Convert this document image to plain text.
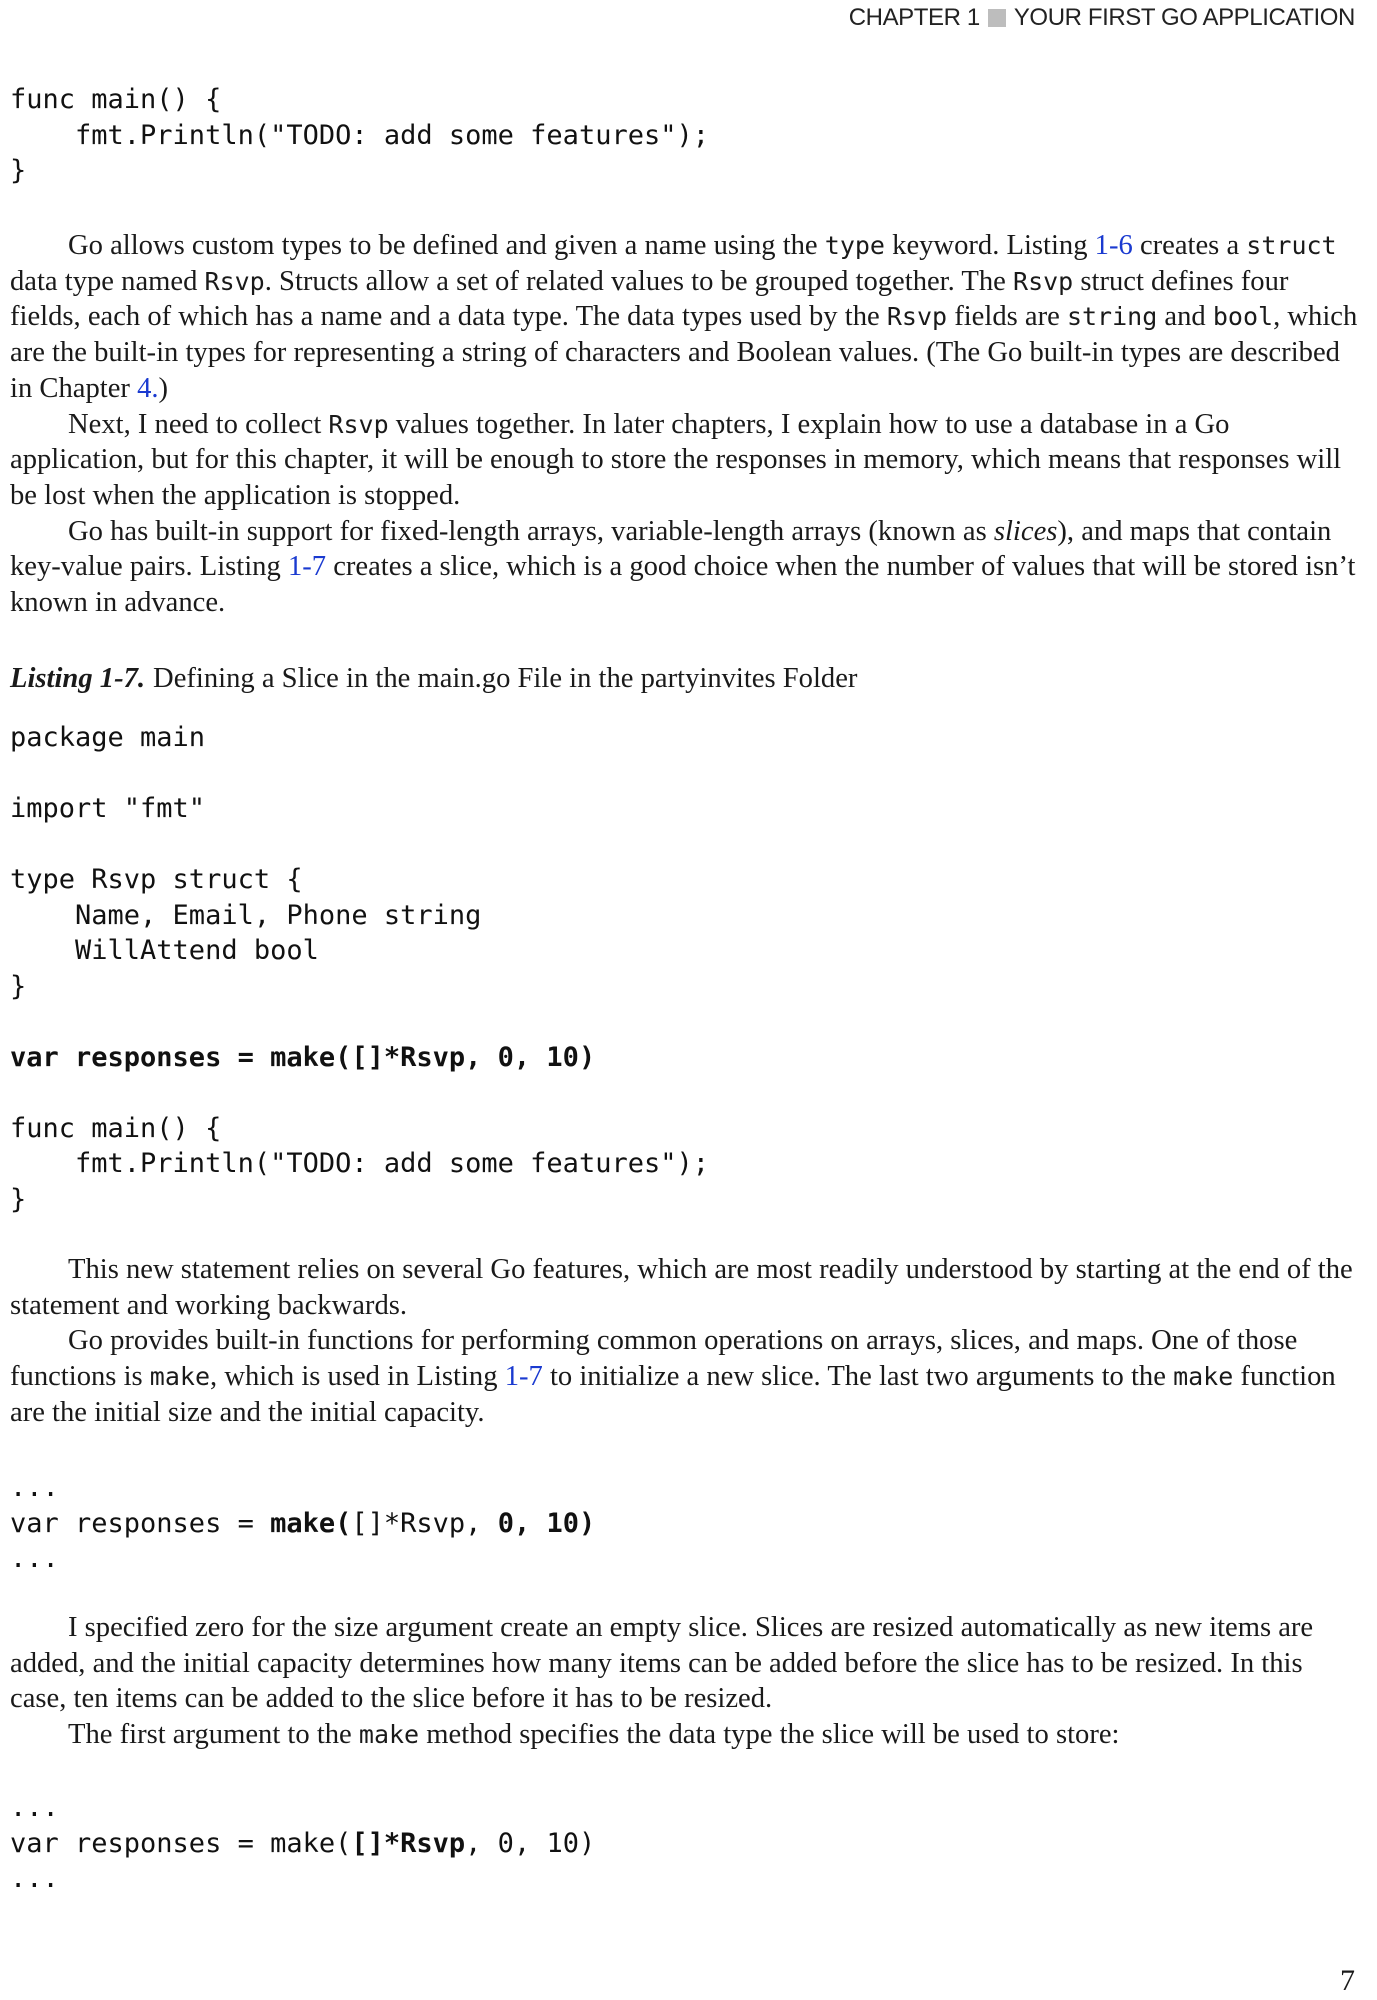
CHAPTER 1 YOUR FIRST GO APPLICATION
func main() {
fmt.Println("TODO: add some features");
}

Go allows custom types to be defined and given a name using the type keyword. Listing 1-6 creates a struct data type named Rsvp. Structs allow a set of related values to be grouped together. The Rsvp struct defines four fields, each of which has a name and a data type. The data types used by the Rsvp fields are string and bool, which are the built-in types for representing a string of characters and Boolean values. (The Go built-in types are described in Chapter 4.)

Next, I need to collect Rsvp values together. In later chapters, I explain how to use a database in a Go application, but for this chapter, it will be enough to store the responses in memory, which means that responses will be lost when the application is stopped.

Go has built-in support for fixed-length arrays, variable-length arrays (known as slices), and maps that contain key-value pairs. Listing 1-7 creates a slice, which is a good choice when the number of values that will be stored isn’t known in advance.

Listing 1-7. Defining a Slice in the main.go File in the partyinvites Folder
package main

import "fmt"

type Rsvp struct {
Name, Email, Phone string
WillAttend bool
}

var responses = make([]*Rsvp, 0, 10)

func main() {
fmt.Println("TODO: add some features");
}

This new statement relies on several Go features, which are most readily understood by starting at the end of the statement and working backwards.

Go provides built-in functions for performing common operations on arrays, slices, and maps. One of those functions is make, which is used in Listing 1-7 to initialize a new slice. The last two arguments to the make function are the initial size and the initial capacity.

...
var responses = make([]*Rsvp, 0, 10)
...

I specified zero for the size argument create an empty slice. Slices are resized automatically as new items are added, and the initial capacity determines how many items can be added before the slice has to be resized. In this case, ten items can be added to the slice before it has to be resized.

The first argument to the make method specifies the data type the slice will be used to store:

...
var responses = make([]*Rsvp, 0, 10)
...
7
